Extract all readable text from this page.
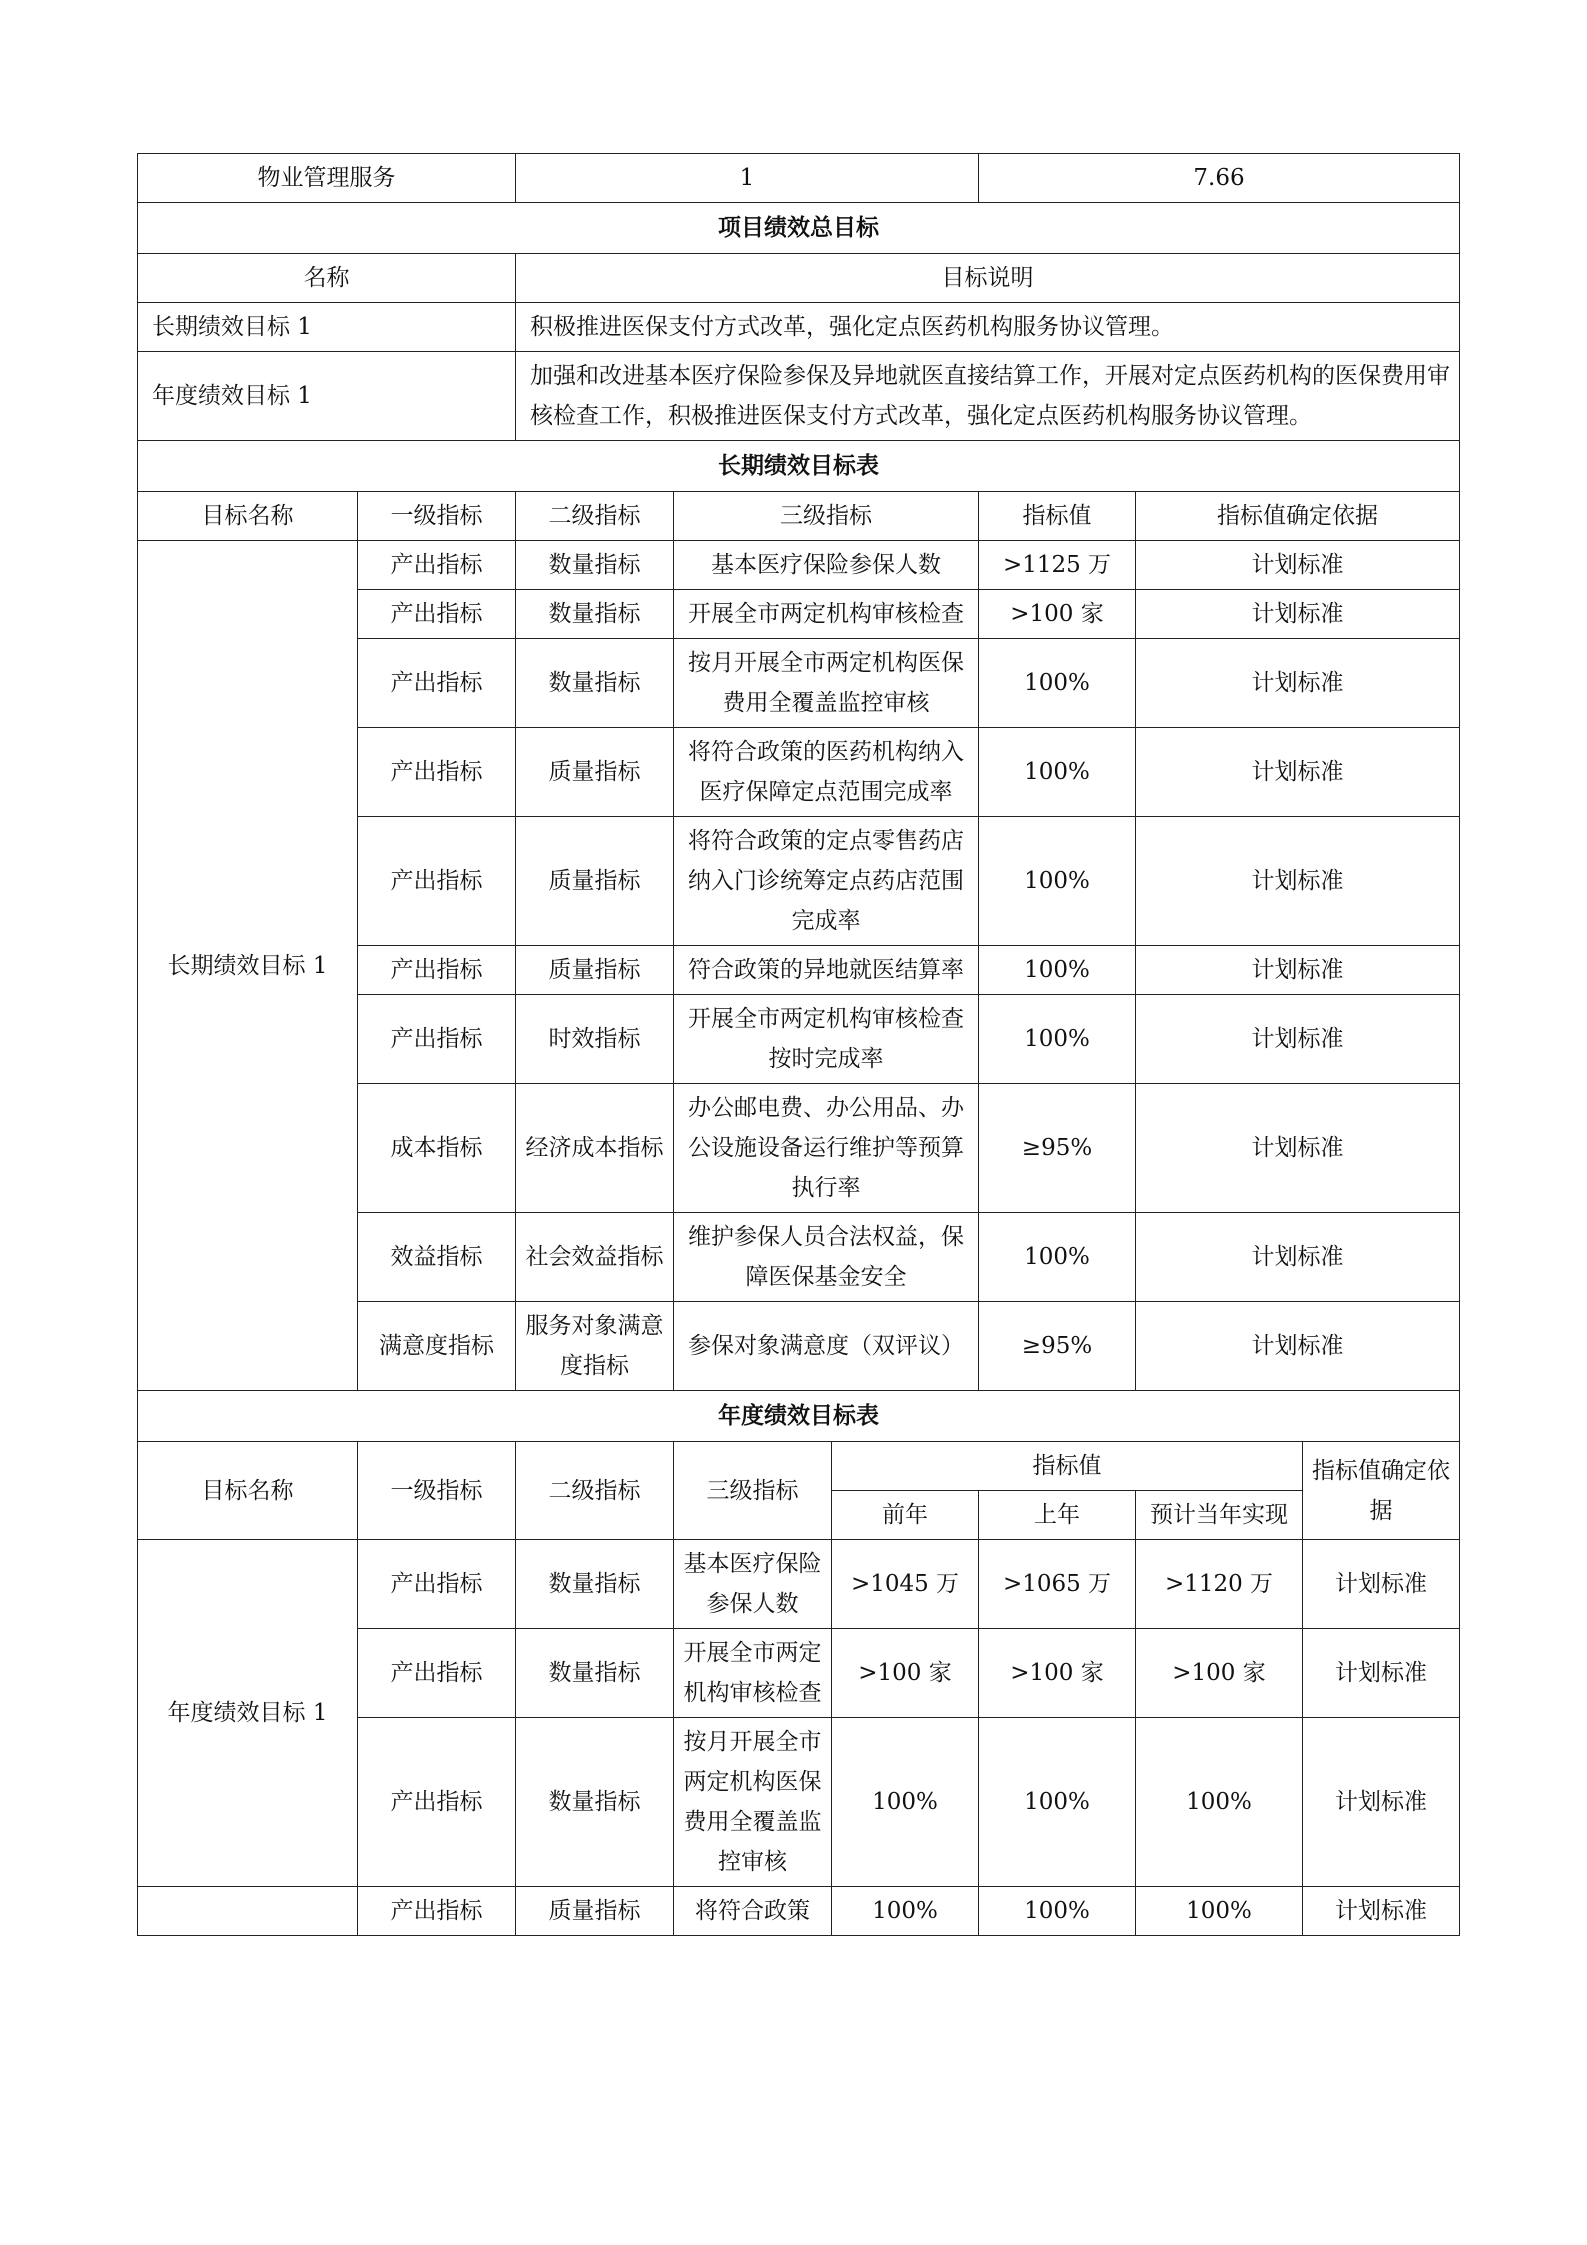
物业管理服务		1			7.66		
项目绩效总目标							
名称		目标说明					
长期绩效目标 1		积极推进医保支付方式改革，强化定点医药机构服务协议管理。					
年度绩效目标 1		加强和改进基本医疗保险参保及异地就医直接结算工作，开展对定点医药机构的医保费用审核检查工作，积极推进医保支付方式改革，强化定点医药机构服务协议管理。					
长期绩效目标表							
目标名称	一级指标	二级指标	三级指标		指标值	指标值确定依据	
长期绩效目标 1	产出指标	数量指标	基本医疗保险参保人数		>1125 万	计划标准	
	产出指标	数量指标	开展全市两定机构审核检查		>100 家	计划标准	
	产出指标	数量指标	按月开展全市两定机构医保费用全覆盖监控审核		100%	计划标准	
	产出指标	质量指标	将符合政策的医药机构纳入医疗保障定点范围完成率		100%	计划标准	
	产出指标	质量指标	将符合政策的定点零售药店纳入门诊统筹定点药店范围完成率		100%	计划标准	
	产出指标	质量指标	符合政策的异地就医结算率		100%	计划标准	
	产出指标	时效指标	开展全市两定机构审核检查按时完成率		100%	计划标准	
	成本指标	经济成本指标	办公邮电费、办公用品、办公设施设备运行维护等预算执行率		≥95%	计划标准	
	效益指标	社会效益指标	维护参保人员合法权益，保障医保基金安全		100%	计划标准	
	满意度指标	服务对象满意度指标	参保对象满意度（双评议）		≥95%	计划标准	
年度绩效目标表							
目标名称	一级指标	二级指标	三级指标	指标值			指标值确定依据
				前年	上年	预计当年实现	
年度绩效目标 1	产出指标	数量指标	基本医疗保险参保人数	>1045 万	>1065 万	>1120 万	计划标准
	产出指标	数量指标	开展全市两定机构审核检查	>100 家	>100 家	>100 家	计划标准
	产出指标	数量指标	按月开展全市两定机构医保费用全覆盖监控审核	100%	100%	100%	计划标准
	产出指标	质量指标	将符合政策	100%	100%	100%	计划标准
